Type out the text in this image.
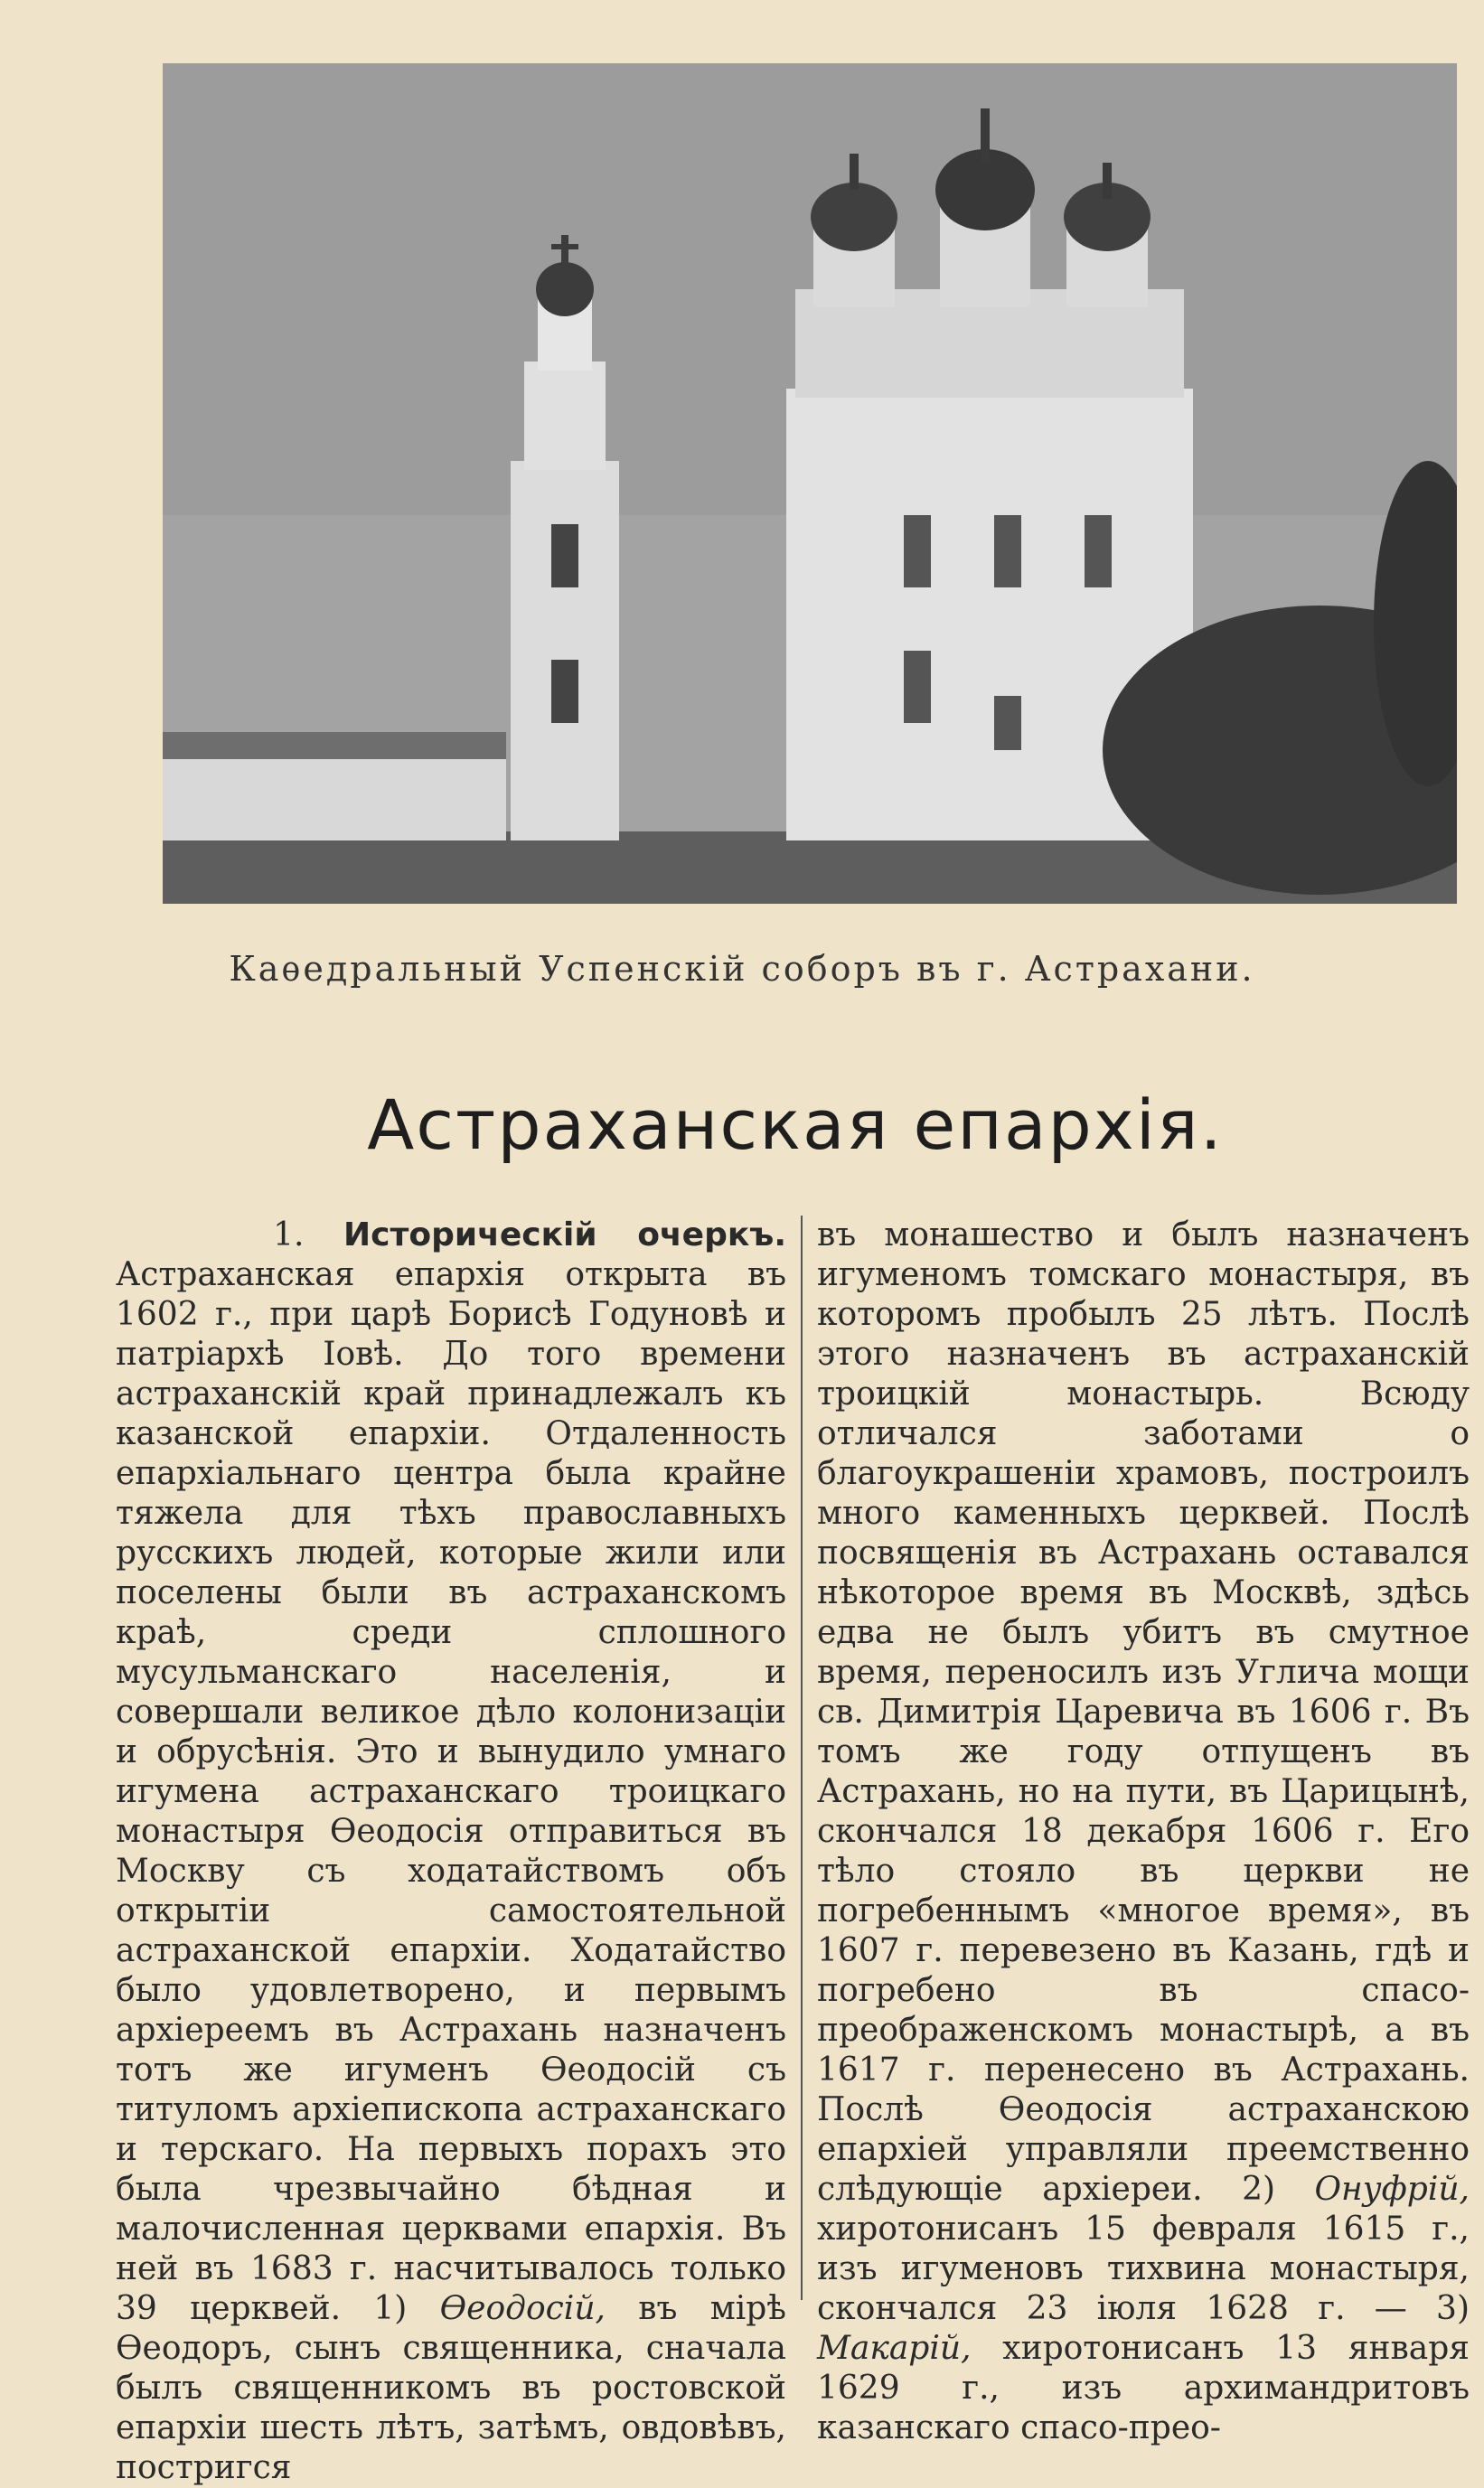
Каѳедральный Успенскій соборъ въ г. Астрахани.
Астраханская епархія.
1. Историческій очеркъ. Астраханская епархія открыта въ 1602 г., при царѣ Борисѣ Годуновѣ и патріархѣ Іовѣ. До того времени астраханскій край принадлежалъ къ казанской епархіи. Отдаленность епархіальнаго центра была крайне тяжела для тѣхъ православныхъ русскихъ людей, которые жили или поселены были въ астраханскомъ краѣ, среди сплошного мусульманскаго населенія, и совершали великое дѣло колонизаціи и обрусѣнія. Это и вынудило умнаго игумена астраханскаго троицкаго монастыря Ѳеодосія отправиться въ Москву съ ходатайствомъ объ открытіи самостоятельной астраханской епархіи. Ходатайство было удовлетворено, и первымъ архіереемъ въ Астрахань назначенъ тотъ же игуменъ Ѳеодосій съ титуломъ архіепископа астраханскаго и терскаго. На первыхъ порахъ это была чрезвычайно бѣдная и малочисленная церквами епархія. Въ ней въ 1683 г. насчитывалось только 39 церквей. 1) Ѳеодосій, въ мірѣ Ѳеодоръ, сынъ священника, сначала былъ священникомъ въ ростовской епархіи шесть лѣтъ, затѣмъ, овдовѣвъ, постригся
въ монашество и былъ назначенъ игуменомъ томскаго монастыря, въ которомъ пробылъ 25 лѣтъ. Послѣ этого назначенъ въ астраханскій троицкій монастырь. Всюду отличался заботами о благоукрашеніи храмовъ, построилъ много каменныхъ церквей. Послѣ посвященія въ Астрахань оставался нѣкоторое время въ Москвѣ, здѣсь едва не былъ убитъ въ смутное время, переносилъ изъ Углича мощи св. Димитрія Царевича въ 1606 г. Въ томъ же году отпущенъ въ Астрахань, но на пути, въ Царицынѣ, скончался 18 декабря 1606 г. Его тѣло стояло въ церкви не погребеннымъ «многое время», въ 1607 г. перевезено въ Казань, гдѣ и погребено въ спасо-преображенскомъ монастырѣ, а въ 1617 г. перенесено въ Астрахань. Послѣ Ѳеодосія астраханскою епархіей управляли преемственно слѣдующіе архіереи. 2) Онуфрій, хиротонисанъ 15 февраля 1615 г., изъ игуменовъ тихвина монастыря, скончался 23 іюля 1628 г. — 3) Макарій, хиротонисанъ 13 января 1629 г., изъ архимандритовъ казанскаго спасо-прео-
